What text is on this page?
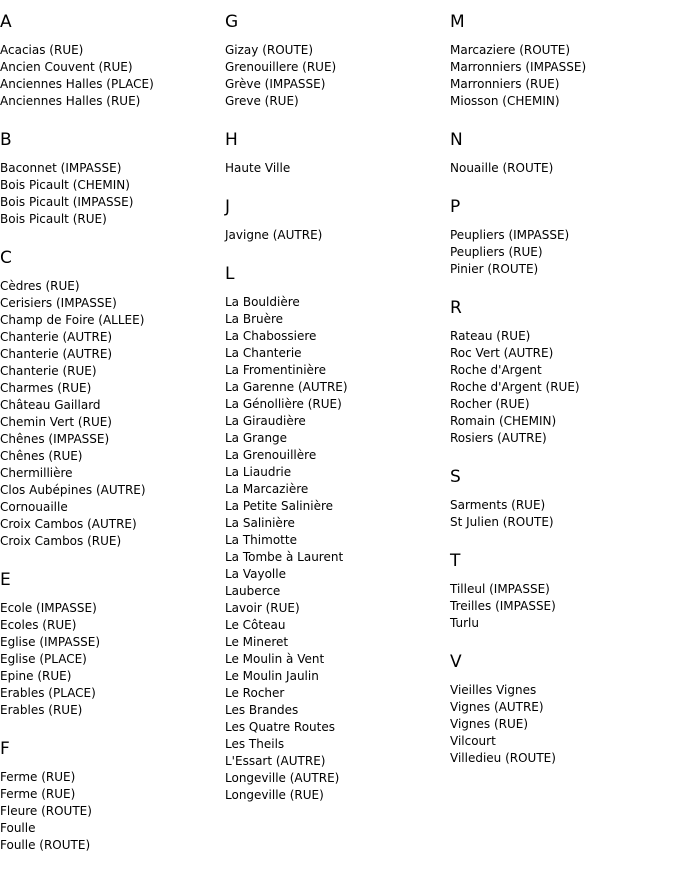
A
Acacias (RUE)
Ancien Couvent (RUE)
Anciennes Halles (PLACE)
Anciennes Halles (RUE)
B
Baconnet (IMPASSE)
Bois Picault (CHEMIN)
Bois Picault (IMPASSE)
Bois Picault (RUE)
C
Cèdres (RUE)
Cerisiers (IMPASSE)
Champ de Foire (ALLEE)
Chanterie (AUTRE)
Chanterie (AUTRE)
Chanterie (RUE)
Charmes (RUE)
Château Gaillard
Chemin Vert (RUE)
Chênes (IMPASSE)
Chênes (RUE)
Chermillière
Clos Aubépines (AUTRE)
Cornouaille
Croix Cambos (AUTRE)
Croix Cambos (RUE)
E
Ecole (IMPASSE)
Ecoles (RUE)
Eglise (IMPASSE)
Eglise (PLACE)
Epine (RUE)
Erables (PLACE)
Erables (RUE)
F
Ferme (RUE)
Ferme (RUE)
Fleure (ROUTE)
Foulle
Foulle (ROUTE)
G
Gizay (ROUTE)
Grenouillere (RUE)
Grève (IMPASSE)
Greve (RUE)
H
Haute Ville
J
Javigne (AUTRE)
L
La Bouldière
La Bruère
La Chabossiere
La Chanterie
La Fromentinière
La Garenne (AUTRE)
La Génollière (RUE)
La Giraudière
La Grange
La Grenouillère
La Liaudrie
La Marcazière
La Petite Salinière
La Salinière
La Thimotte
La Tombe à Laurent
La Vayolle
Lauberce
Lavoir (RUE)
Le Côteau
Le Mineret
Le Moulin à Vent
Le Moulin Jaulin
Le Rocher
Les Brandes
Les Quatre Routes
Les Theils
L'Essart (AUTRE)
Longeville (AUTRE)
Longeville (RUE)
M
Marcaziere (ROUTE)
Marronniers (IMPASSE)
Marronniers (RUE)
Miosson (CHEMIN)
N
Nouaille (ROUTE)
P
Peupliers (IMPASSE)
Peupliers (RUE)
Pinier (ROUTE)
R
Rateau (RUE)
Roc Vert (AUTRE)
Roche d'Argent
Roche d'Argent (RUE)
Rocher (RUE)
Romain (CHEMIN)
Rosiers (AUTRE)
S
Sarments (RUE)
St Julien (ROUTE)
T
Tilleul (IMPASSE)
Treilles (IMPASSE)
Turlu
V
Vieilles Vignes
Vignes (AUTRE)
Vignes (RUE)
Vilcourt
Villedieu (ROUTE)
